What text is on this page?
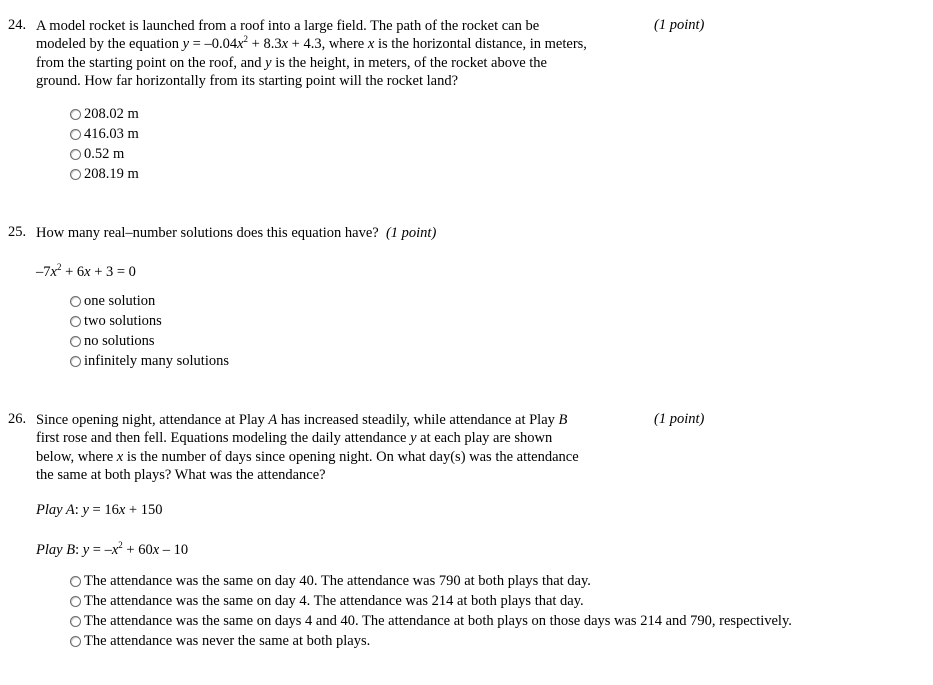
24. A model rocket is launched from a roof into a large field. The path of the rocket can be
modeled by the equation $y = -0.04x^2 + 8.3x + 4.3$, where x is the horizontal distance, in meters,
from the starting point on the roof, and y is the height, in meters, of the rocket above the
ground. How far horizontally from its starting point will the rocket land?
(1 point)
208.02 m
416.03 m
0.52 m
208.19 m
25. How many real–number solutions does this equation have? (1 point)
$-7x^2 + 6x + 3 = 0$
one solution
two solutions
no solutions
infinitely many solutions
26. Since opening night, attendance at Play A has increased steadily, while attendance at Play B
first rose and then fell. Equations modeling the daily attendance y at each play are shown
below, where x is the number of days since opening night. On what day(s) was the attendance
the same at both plays? What was the attendance?
(1 point)
Play A: y = 16x + 150
Play B: $y = -x^2 + 60x - 10$
The attendance was the same on day 40. The attendance was 790 at both plays that day.
The attendance was the same on day 4. The attendance was 214 at both plays that day.
The attendance was the same on days 4 and 40. The attendance at both plays on those days was 214 and 790, respectively.
The attendance was never the same at both plays.
